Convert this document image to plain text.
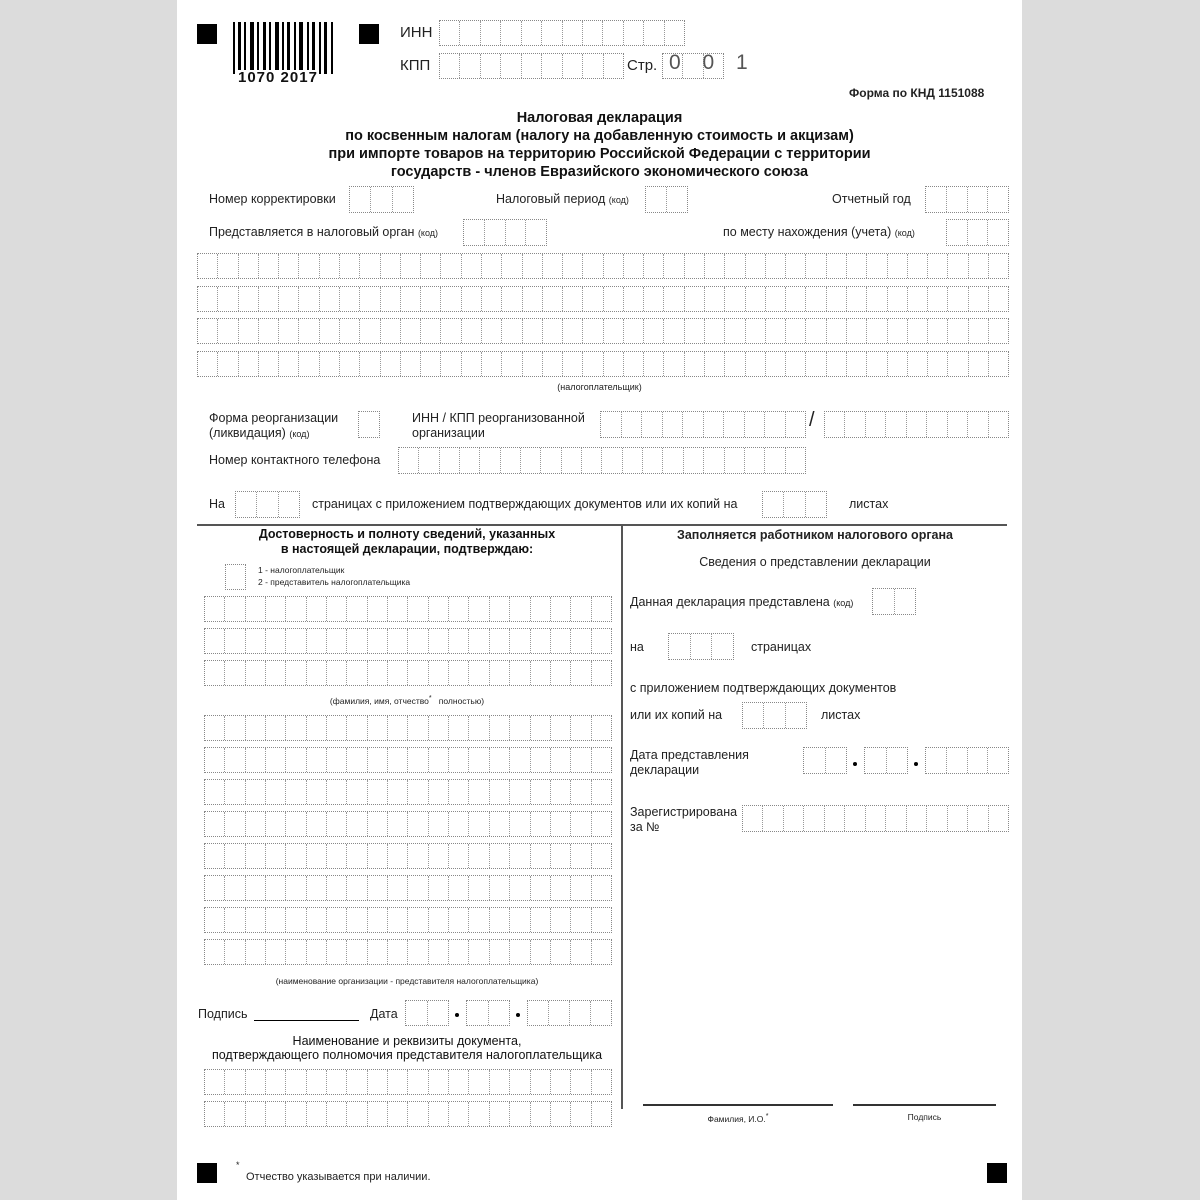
1070 2017
ИНН
КПП	Стр. 0 0 1
Форма по КНД 1151088
Налоговая декларация
по косвенным налогам (налогу на добавленную стоимость и акцизам)
при импорте товаров на территорию Российской Федерации с территории
государств - членов Евразийского экономического союза
Номер корректировки	Налоговый период (код)	Отчетный год
Представляется в налоговый орган (код)	по месту нахождения (учета) (код)
(налогоплательщик)
Форма реорганизации
(ликвидация) (код)
ИНН / КПП реорганизованной
организации
/
Номер контактного телефона
На	страницах с приложением подтверждающих документов или их копий на	листах
Достоверность и полноту сведений, указанных
в настоящей декларации, подтверждаю:
1 - налогоплательщик
2 - представитель налогоплательщика
(фамилия, имя, отчество* полностью)
(наименование организации - представителя налогоплательщика)
Подпись	Дата
Наименование и реквизиты документа,
подтверждающего полномочия представителя налогоплательщика
Заполняется работником налогового органа
Сведения о представлении декларации
Данная декларация представлена (код)
на	страницах
с приложением подтверждающих документов
или их копий на	листах
Дата представления
декларации
Зарегистрирована
за №
Фамилия, И.О.*	Подпись
*
Отчество указывается при наличии.
